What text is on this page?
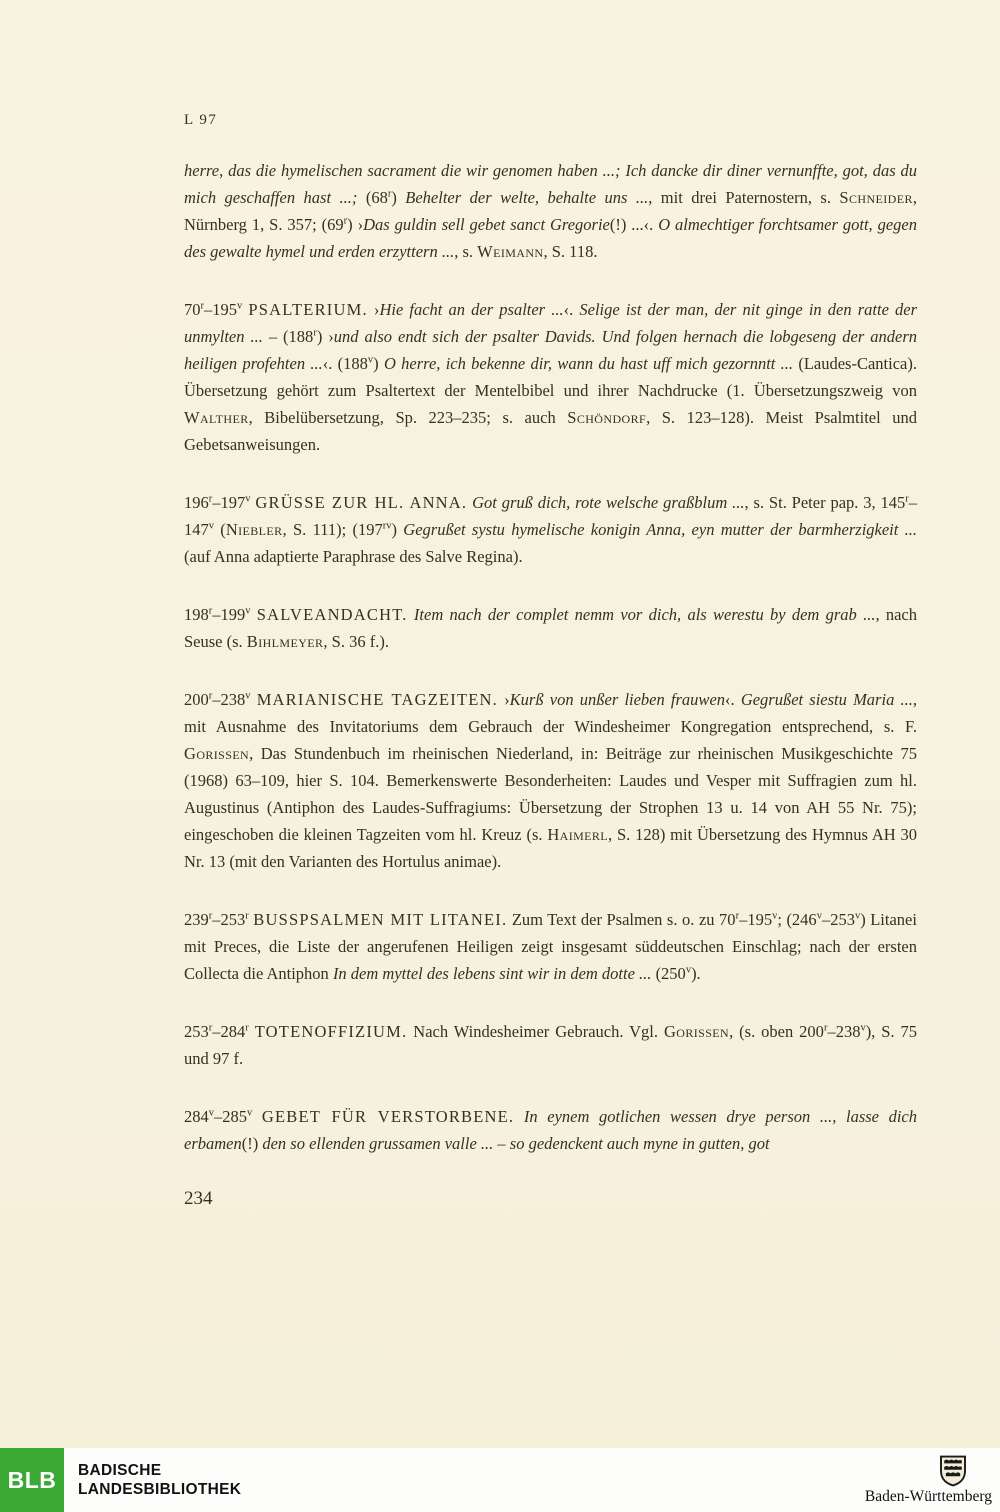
L 97

herre, das die hymelischen sacrament die wir genomen haben ...; Ich dancke dir diner vernunffte, got, das du mich geschaffen hast ...; (68$^r$) Behelter der welte, behalte uns ..., mit drei Paternostern, s. Schneider, Nürnberg 1, S. 357; (69$^r$) ›Das guldin sell gebet sanct Gregorie(!) ...‹. O almechtiger forchtsamer gott, gegen des gewalte hymel und erden erzyttern ..., s. Weimann, S. 118.

70$^r$–195$^v$ PSALTERIUM. ›Hie facht an der psalter ...‹. Selige ist der man, der nit ginge in den ratte der unmylten ... – (188$^r$) ›und also endt sich der psalter Davids. Und folgen hernach die lobgeseng der andern heiligen profehten ...‹. (188$^v$) O herre, ich bekenne dir, wann du hast uff mich gezornntt ... (Laudes-Cantica). Übersetzung gehört zum Psaltertext der Mentelbibel und ihrer Nachdrucke (1. Übersetzungszweig von Walther, Bibelübersetzung, Sp. 223–235; s. auch Schöndorf, S. 123–128). Meist Psalmtitel und Gebetsanweisungen.

196$^r$–197$^v$ GRÜSSE ZUR HL. ANNA. Got gruß dich, rote welsche graßblum ..., s. St. Peter pap. 3, 145$^r$–147$^v$ (Niebler, S. 111); $(197^{rv})$ Gegrußet systu hymelische konigin Anna, eyn mutter der barmherzigkeit ... (auf Anna adaptierte Paraphrase des Salve Regina).

198$^r$–199$^v$ SALVEANDACHT. Item nach der complet nemm vor dich, als werestu by dem grab ..., nach Seuse (s. Bihlmeyer, S. 36 f.).

200$^r$–238$^v$ MARIANISCHE TAGZEITEN. ›Kurß von unßer lieben frauwen‹. Gegrußet siestu Maria ..., mit Ausnahme des Invitatoriums dem Gebrauch der Windesheimer Kongregation entsprechend, s. F. Gorissen, Das Stundenbuch im rheinischen Niederland, in: Beiträge zur rheinischen Musikgeschichte 75 (1968) 63–109, hier S. 104. Bemerkenswerte Besonderheiten: Laudes und Vesper mit Suffragien zum hl. Augustinus (Antiphon des Laudes-Suffragiums: Übersetzung der Strophen 13 u. 14 von AH 55 Nr. 75); eingeschoben die kleinen Tagzeiten vom hl. Kreuz (s. Haimerl, S. 128) mit Übersetzung des Hymnus AH 30 Nr. 13 (mit den Varianten des Hortulus animae).

239$^r$–253$^r$ BUSSPSALMEN MIT LITANEI. Zum Text der Psalmen s. o. zu 70$^r$–195$^v$; (246$^v$–253$^v$) Litanei mit Preces, die Liste der angerufenen Heiligen zeigt insgesamt süddeutschen Einschlag; nach der ersten Collecta die Antiphon In dem myttel des lebens sint wir in dem dotte ... (250$^v$).

253$^r$–284$^r$ TOTENOFFIZIUM. Nach Windesheimer Gebrauch. Vgl. Gorissen, (s. oben 200$^r$–238$^v$), S. 75 und 97 f.

284$^v$–285$^v$ GEBET FÜR VERSTORBENE. In eynem gotlichen wessen drye person ..., lasse dich erbamen(!) den so ellenden grussamen valle ... – so gedenckent auch myne in gutten, got

234
BLB	BADISCHE
LANDESBIBLIOTHEK	Baden-Württemberg
